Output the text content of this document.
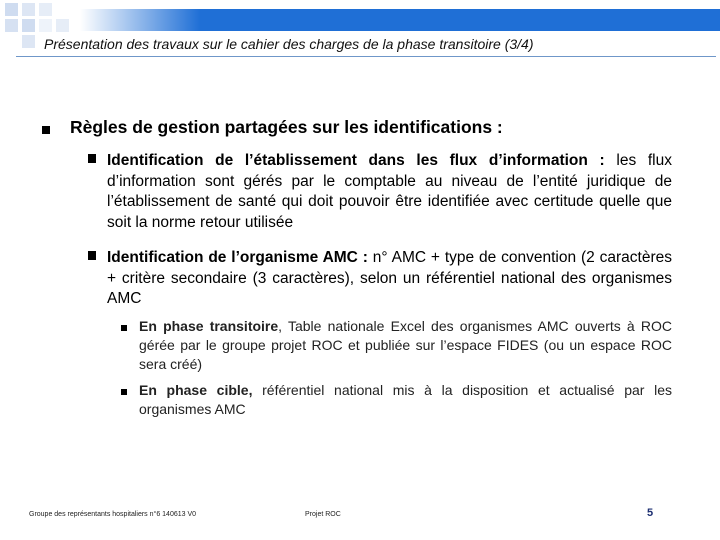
Présentation des travaux sur le cahier des charges de la phase transitoire (3/4)
Règles de gestion partagées sur les identifications :
Identification de l’établissement dans les flux d’information : les flux d’information sont gérés par le comptable au niveau de l’entité juridique de l’établissement de santé qui doit pouvoir être identifiée avec certitude quelle que soit la norme retour utilisée
Identification de l’organisme AMC : n° AMC + type de convention (2 caractères + critère secondaire (3 caractères), selon un référentiel national des organismes AMC
En phase transitoire, Table nationale Excel des organismes AMC ouverts à ROC gérée par le groupe projet ROC et publiée sur l’espace FIDES (ou un espace ROC sera créé)
En phase cible, référentiel national mis à la disposition et actualisé par les organismes AMC
Groupe des représentants hospitaliers n°6 140613 V0	Projet ROC	5
